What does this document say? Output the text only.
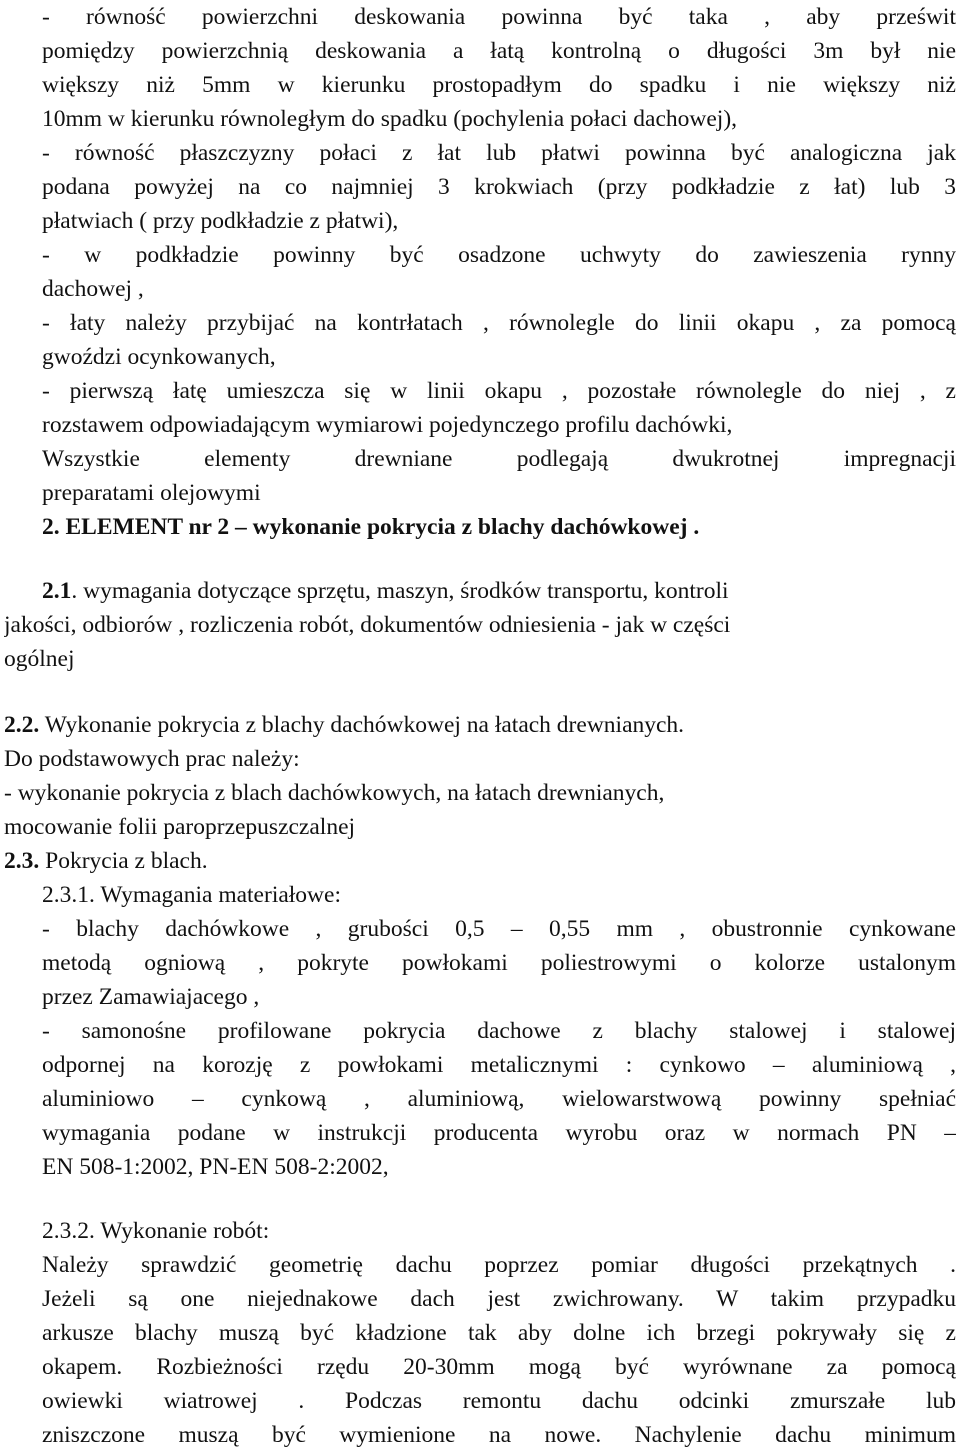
- równość powierzchni deskowania powinna być taka , aby prześwit
pomiędzy powierzchnią deskowania a łatą kontrolną o długości 3m był nie
większy niż 5mm w kierunku prostopadłym do spadku i nie większy niż
10mm w kierunku równoległym do spadku (pochylenia połaci dachowej),
- równość płaszczyzny połaci z łat lub płatwi powinna być analogiczna jak
podana powyżej na co najmniej 3 krokwiach (przy podkładzie z łat) lub 3
płatwiach ( przy podkładzie z płatwi),
- w podkładzie powinny być osadzone uchwyty do zawieszenia rynny
dachowej ,
- łaty należy przybijać na kontrłatach , równolegle do linii okapu , za pomocą
gwoździ ocynkowanych,
- pierwszą łatę umieszcza się w linii okapu , pozostałe równolegle do niej , z
rozstawem odpowiadającym wymiarowi pojedynczego profilu dachówki,
Wszystkie elementy drewniane podlegają dwukrotnej impregnacji
preparatami olejowymi
2. ELEMENT nr 2 – wykonanie pokrycia z blachy dachówkowej .
2.1. wymagania dotyczące sprzętu, maszyn, środków transportu, kontroli
jakości, odbiorów , rozliczenia robót, dokumentów odniesienia - jak w części
ogólnej
2.2. Wykonanie pokrycia z blachy dachówkowej na łatach drewnianych.
Do podstawowych prac należy:
- wykonanie pokrycia z blach dachówkowych, na łatach drewnianych,
mocowanie folii paroprzepuszczalnej
2.3. Pokrycia z blach.
2.3.1. Wymagania materiałowe:
- blachy dachówkowe , grubości 0,5 – 0,55 mm , obustronnie cynkowane
metodą ogniową , pokryte powłokami poliestrowymi o kolorze ustalonym
przez Zamawiajacego ,
- samonośne profilowane pokrycia dachowe z blachy stalowej i stalowej
odpornej na korozję z powłokami metalicznymi : cynkowo – aluminiową ,
aluminiowo – cynkową , aluminiową, wielowarstwową powinny spełniać
wymagania podane w instrukcji producenta wyrobu oraz w normach PN –
EN 508-1:2002, PN-EN 508-2:2002,
2.3.2. Wykonanie robót:
Należy sprawdzić geometrię dachu poprzez pomiar długości przekątnych .
Jeżeli są one niejednakowe dach jest zwichrowany. W takim przypadku
arkusze blachy muszą być kładzione tak aby dolne ich brzegi pokrywały się z
okapem. Rozbieżności rzędu 20-30mm mogą być wyrównane za pomocą
owiewki wiatrowej . Podczas remontu dachu odcinki zmurszałe lub
zniszczone muszą być wymienione na nowe. Nachylenie dachu minimum
